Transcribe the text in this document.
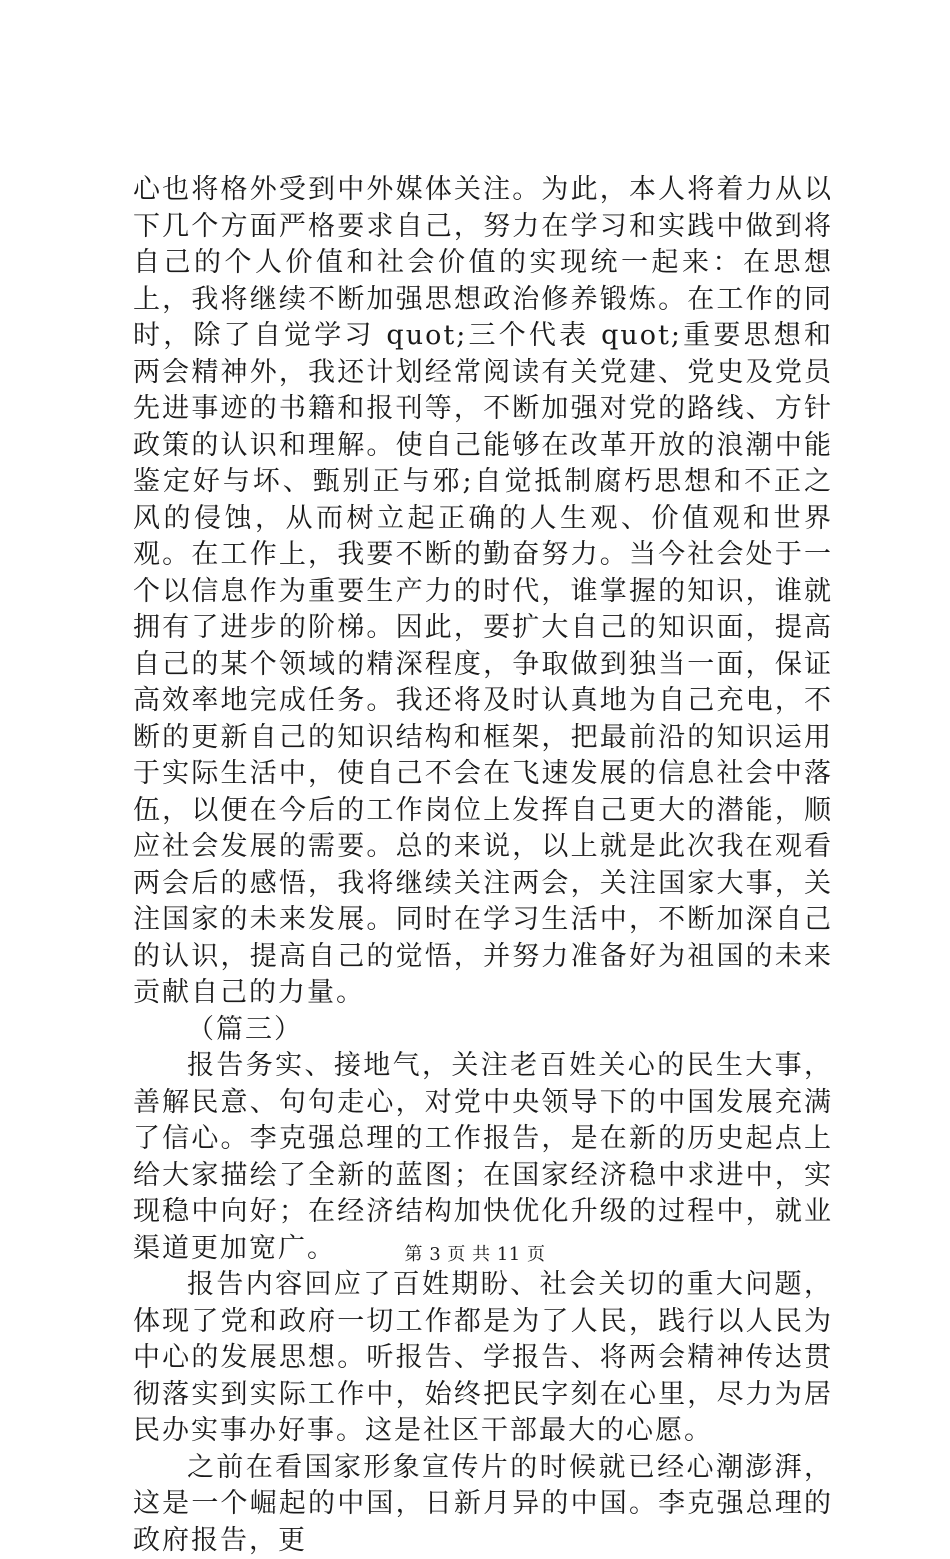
心也将格外受到中外媒体关注。为此，本人将着力从以下几个方面严格要求自己，努力在学习和实践中做到将自己的个人价值和社会价值的实现统一起来：在思想上，我将继续不断加强思想政治修养锻炼。在工作的同时，除了自觉学习 quot;三个代表 quot;重要思想和两会精神外，我还计划经常阅读有关党建、党史及党员先进事迹的书籍和报刊等，不断加强对党的路线、方针政策的认识和理解。使自己能够在改革开放的浪潮中能鉴定好与坏、甄别正与邪;自觉抵制腐朽思想和不正之风的侵蚀，从而树立起正确的人生观、价值观和世界观。在工作上，我要不断的勤奋努力。当今社会处于一个以信息作为重要生产力的时代，谁掌握的知识，谁就拥有了进步的阶梯。因此，要扩大自己的知识面，提高自己的某个领域的精深程度，争取做到独当一面，保证高效率地完成任务。我还将及时认真地为自己充电，不断的更新自己的知识结构和框架，把最前沿的知识运用于实际生活中，使自己不会在飞速发展的信息社会中落伍，以便在今后的工作岗位上发挥自己更大的潜能，顺应社会发展的需要。总的来说，以上就是此次我在观看两会后的感悟，我将继续关注两会，关注国家大事，关注国家的未来发展。同时在学习生活中，不断加深自己的认识，提高自己的觉悟，并努力准备好为祖国的未来贡献自己的力量。

（篇三）

报告务实、接地气，关注老百姓关心的民生大事，善解民意、句句走心，对党中央领导下的中国发展充满了信心。李克强总理的工作报告，是在新的历史起点上给大家描绘了全新的蓝图；在国家经济稳中求进中，实现稳中向好；在经济结构加快优化升级的过程中，就业渠道更加宽广。

报告内容回应了百姓期盼、社会关切的重大问题，体现了党和政府一切工作都是为了人民，践行以人民为中心的发展思想。听报告、学报告、将两会精神传达贯彻落实到实际工作中，始终把民字刻在心里，尽力为居民办实事办好事。这是社区干部最大的心愿。

之前在看国家形象宣传片的时候就已经心潮澎湃，这是一个崛起的中国，日新月异的中国。李克强总理的政府报告，更

第 3 页 共 11 页
